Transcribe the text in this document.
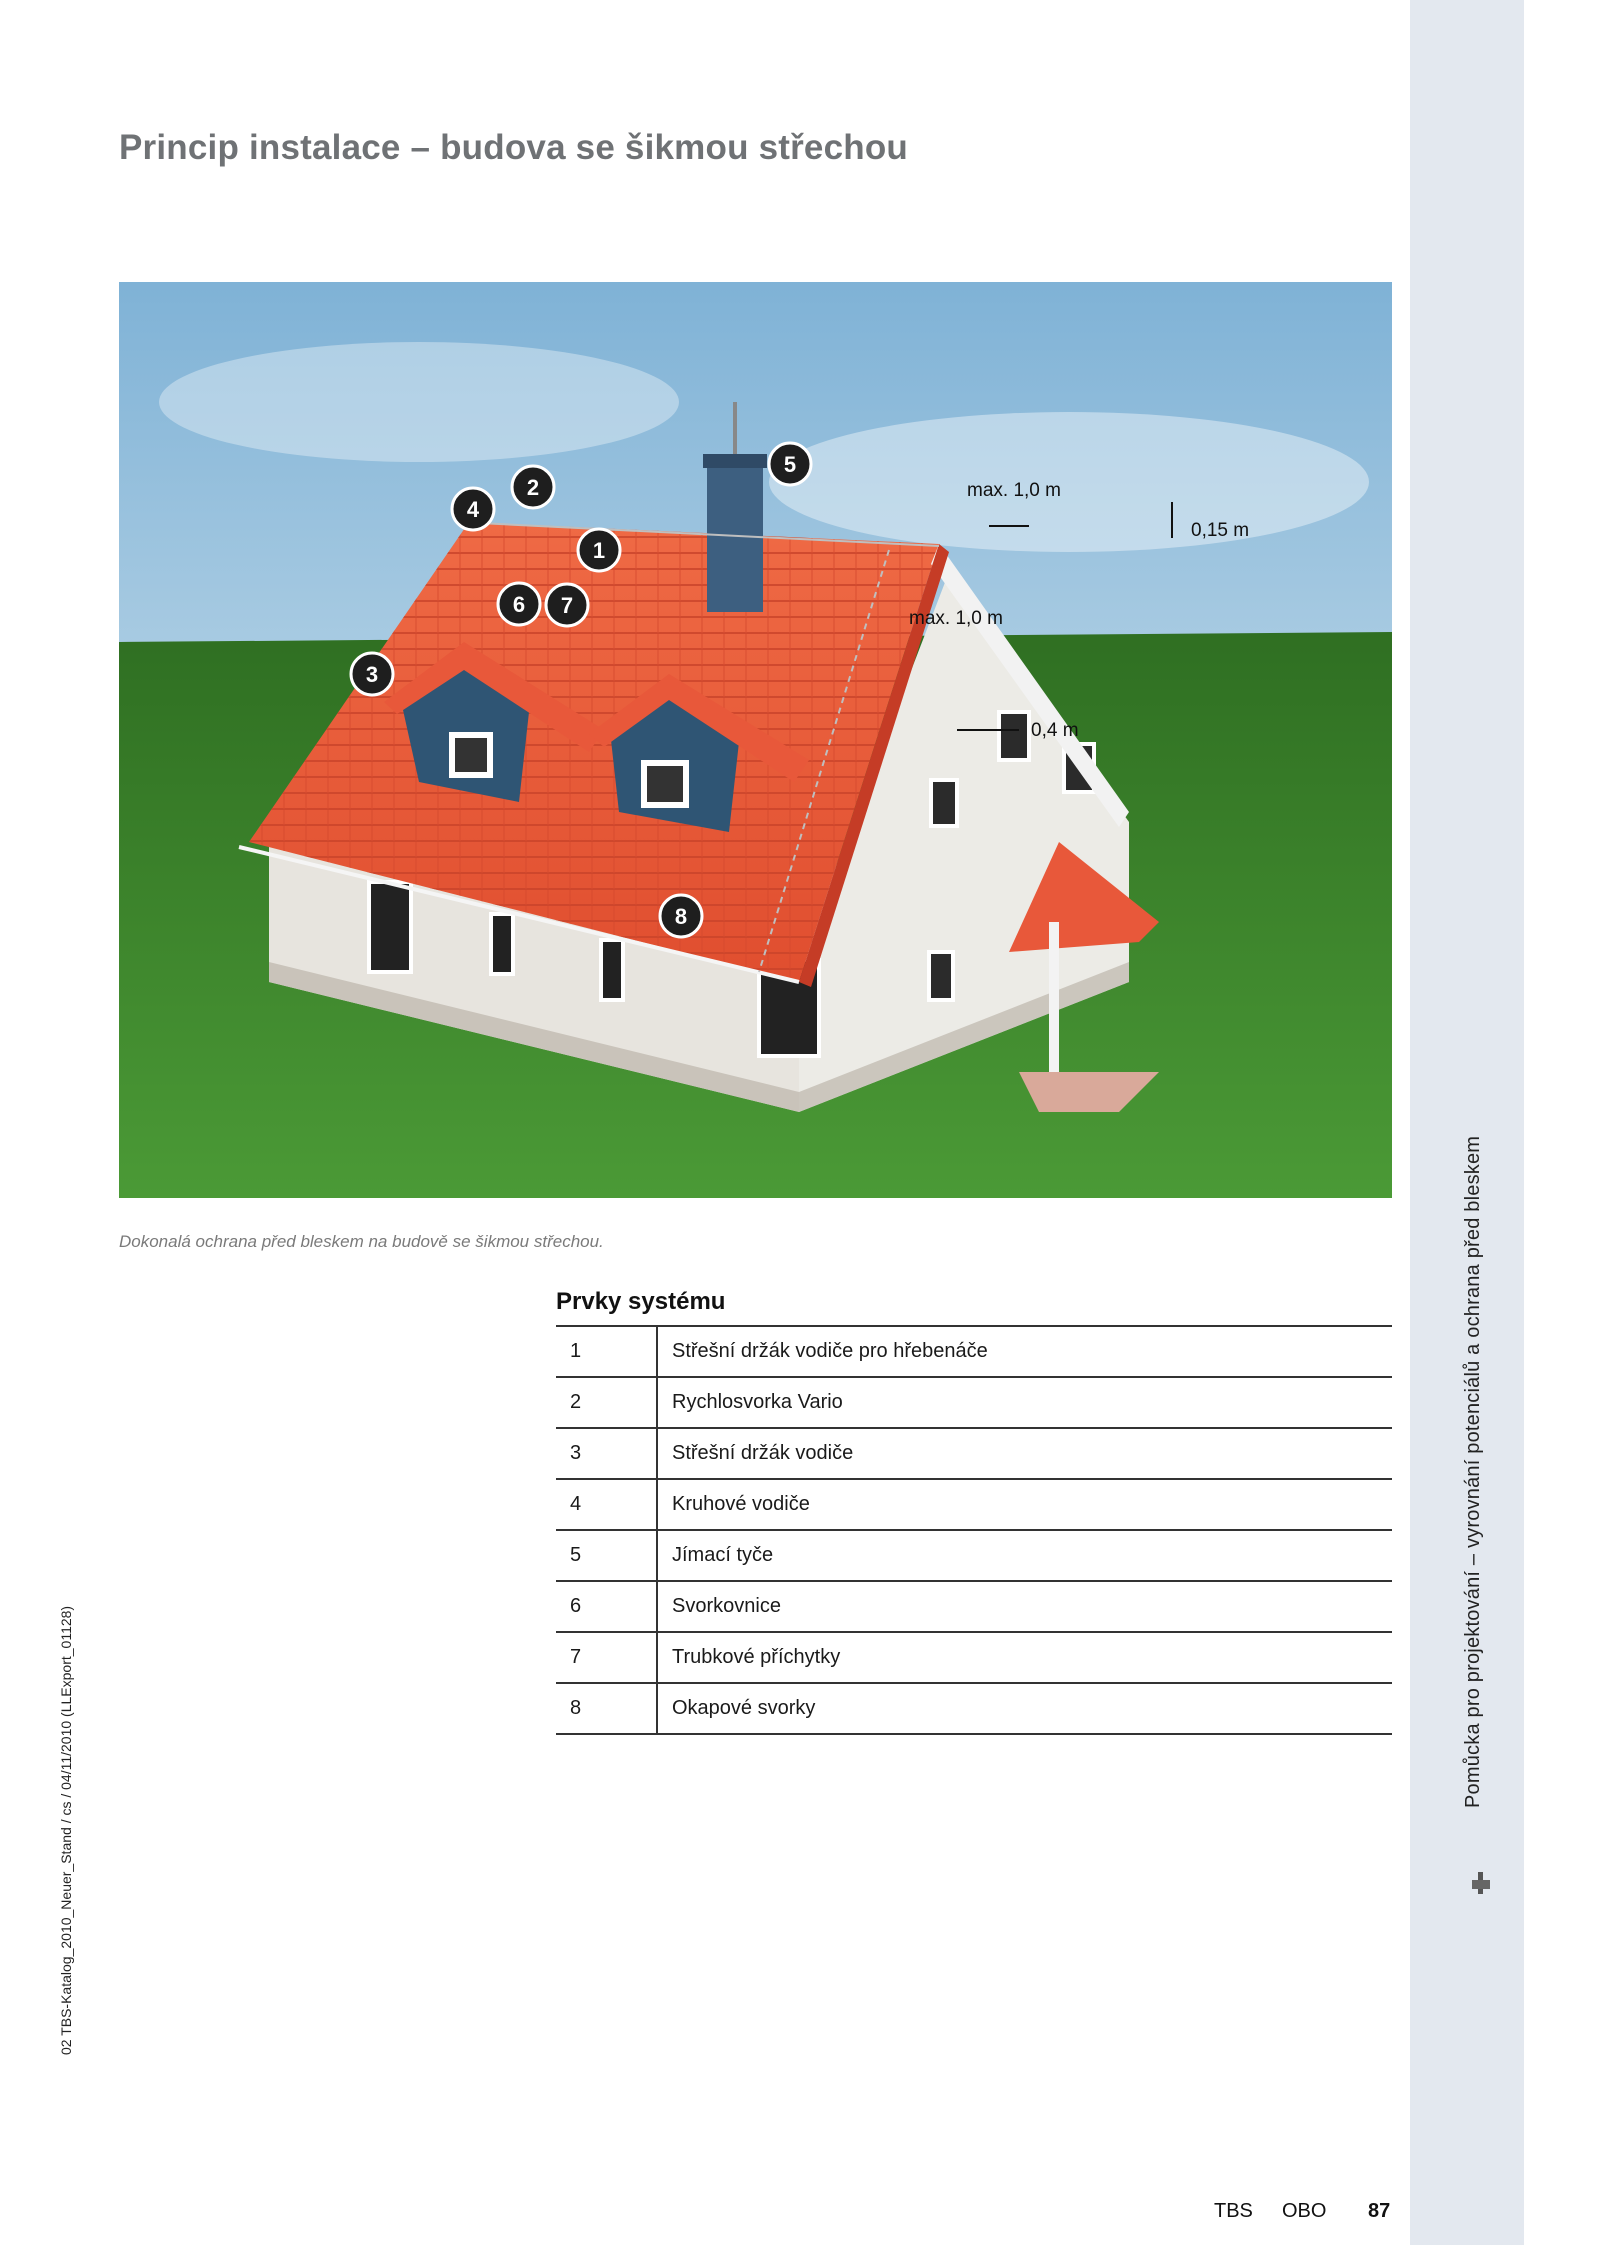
Pomůcka pro projektování – vyrovnání potenciálů a ochrana před bleskem
02 TBS-Katalog_2010_Neuer_Stand / cs / 04/11/2010 (LLExport_01128)
Princip instalace – budova se šikmou střechou
max. 1,0 m
0,15 m
max. 1,0 m
0,4 m
1
2
3
4
5
6 7
8
Dokonalá ochrana před bleskem na budově se šikmou střechou.
Prvky systému
1	Střešní držák vodiče pro hřebenáče
2	Rychlosvorka Vario
3	Střešní držák vodiče
4	Kruhové vodiče
5	Jímací tyče
6	Svorkovnice
7	Trubkové příchytky
8	Okapové svorky
TBS OBO 87
